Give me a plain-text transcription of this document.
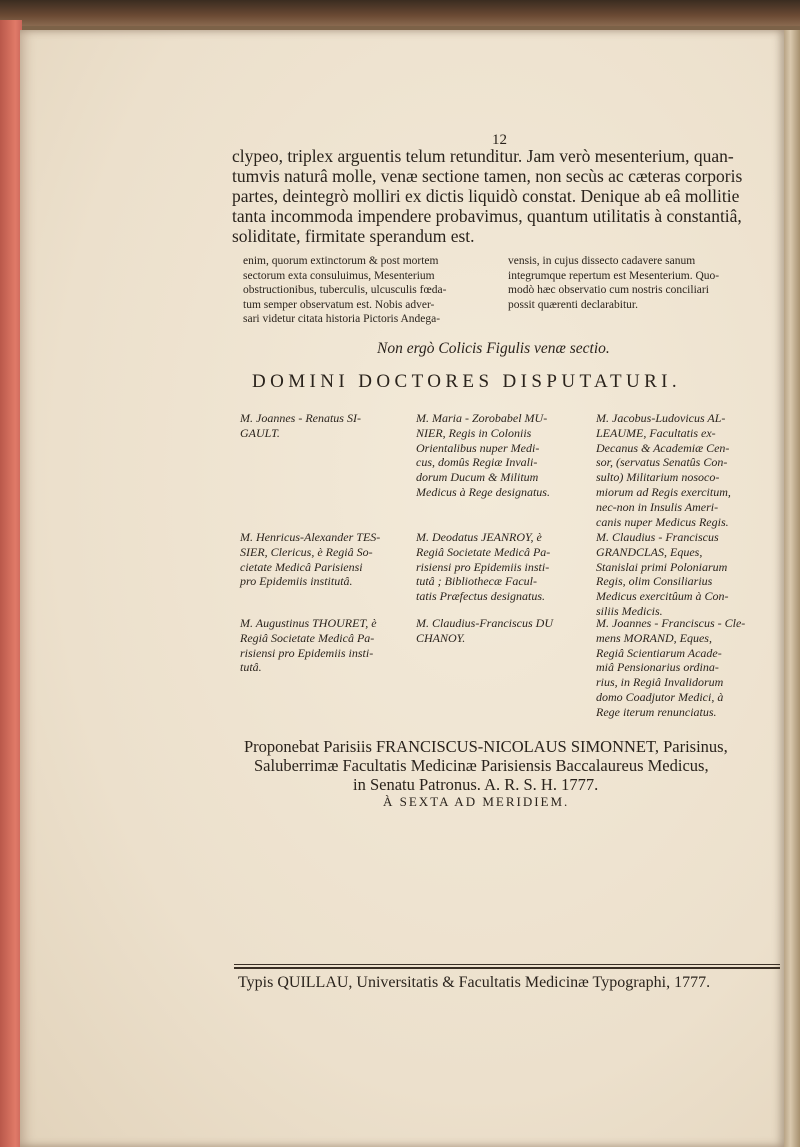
12
clypeo, triplex arguentis telum retunditur. Jam verò mesenterium, quan-
tumvis naturâ molle, venæ sectione tamen, non secùs ac cæteras corporis
partes, deintegrò molliri ex dictis liquidò constat. Denique ab eâ mollitie
tanta incommoda impendere probavimus, quantum utilitatis à constantiâ,
soliditate, firmitate sperandum est.
enim, quorum extinctorum & post mortem
sectorum exta consuluimus, Mesenterium
obstructionibus, tuberculis, ulcusculis fœda-
tum semper observatum est. Nobis adver-
sari videtur citata historia Pictoris Andega-
vensis, in cujus dissecto cadavere sanum
integrumque repertum est Mesenterium. Quo-
modò hæc observatio cum nostris conciliari
possit quærenti declarabitur.
Non ergò Colicis Figulis venæ sectio.
DOMINI DOCTORES DISPUTATURI.
M. Joannes - Renatus SI-
GAULT.
M. Henricus-Alexander TES-
SIER, Clericus, è Regiâ So-
cietate Medicâ Parisiensi
pro Epidemiis institutâ.
M. Augustinus THOURET, è
Regiâ Societate Medicâ Pa-
risiensi pro Epidemiis insti-
tutâ.
M. Maria - Zorobabel MU-
NIER, Regis in Coloniis
Orientalibus nuper Medi-
cus, domûs Regiæ Invali-
dorum Ducum & Militum
Medicus à Rege designatus.
M. Deodatus JEANROY, è
Regiâ Societate Medicâ Pa-
risiensi pro Epidemiis insti-
tutâ ; Bibliothecæ Facul-
tatis Præfectus designatus.
M. Claudius-Franciscus DU
CHANOY.
M. Jacobus-Ludovicus AL-
LEAUME, Facultatis ex-
Decanus & Academiæ Cen-
sor, (servatus Senatûs Con-
sulto) Militarium nosoco-
miorum ad Regis exercitum,
nec-non in Insulis Ameri-
canis nuper Medicus Regis.
M. Claudius - Franciscus
GRANDCLAS, Eques,
Stanislai primi Poloniarum
Regis, olim Consiliarius
Medicus exercitûum à Con-
siliis Medicis.
M. Joannes - Franciscus - Cle-
mens MORAND, Eques,
Regiâ Scientiarum Acade-
miâ Pensionarius ordina-
rius, in Regiâ Invalidorum
domo Coadjutor Medici, à
Rege iterum renunciatus.
Proponebat Parisiis FRANCISCUS-NICOLAUS SIMONNET, Parisinus,
Saluberrimæ Facultatis Medicinæ Parisiensis Baccalaureus Medicus,
in Senatu Patronus. A. R. S. H. 1777.
À SEXTA AD MERIDIEM.
Typis QUILLAU, Universitatis & Facultatis Medicinæ Typographi, 1777.
